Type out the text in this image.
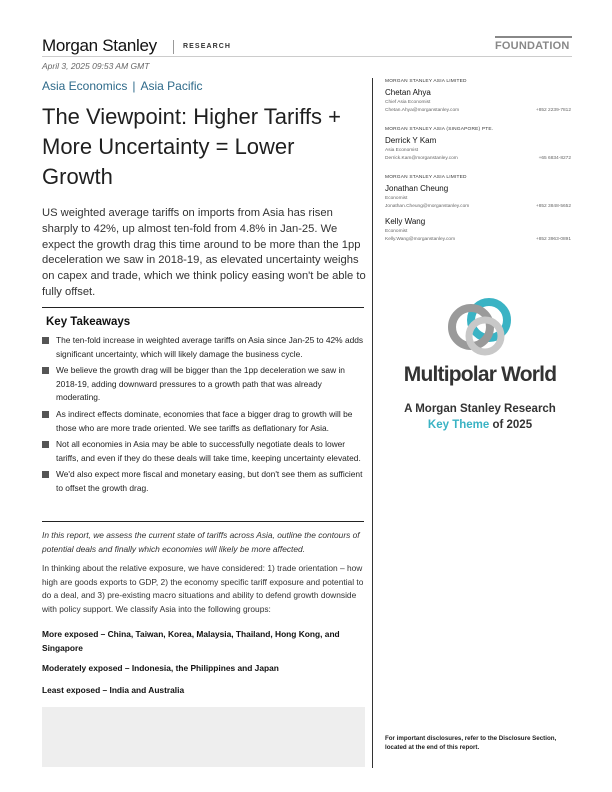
Morgan Stanley	RESEARCH	FOUNDATION
April 3, 2025 09:53 AM GMT
Asia Economics | Asia Pacific
The Viewpoint: Higher Tariffs + More Uncertainty = Lower Growth
US weighted average tariffs on imports from Asia has risen sharply to 42%, up almost ten-fold from 4.8% in Jan-25. We expect the growth drag this time around to be more than the 1pp deceleration we saw in 2018-19, as elevated uncertainty weighs on capex and trade, which we think policy easing won't be able to fully offset.
Key Takeaways
The ten-fold increase in weighted average tariffs on Asia since Jan-25 to 42% adds significant uncertainty, which will likely damage the business cycle.
We believe the growth drag will be bigger than the 1pp deceleration we saw in 2018-19, adding downward pressures to a growth path that was already moderating.
As indirect effects dominate, economies that face a bigger drag to growth will be those who are more trade oriented. We see tariffs as deflationary for Asia.
Not all economies in Asia may be able to successfully negotiate deals to lower tariffs, and even if they do these deals will take time, keeping uncertainty elevated.
We'd also expect more fiscal and monetary easing, but don't see them as sufficient to offset the growth drag.
In this report, we assess the current state of tariffs across Asia, outline the contours of potential deals and finally which economies will likely be more affected.
In thinking about the relative exposure, we have considered: 1) trade orientation – how high are goods exports to GDP, 2) the economy specific tariff exposure and potential to do a deal, and 3) pre-existing macro situations and ability to defend growth downside with policy support. We classify Asia into the following groups:
More exposed – China, Taiwan, Korea, Malaysia, Thailand, Hong Kong, and Singapore
Moderately exposed – Indonesia, the Philippines and Japan
Least exposed – India and Australia
MORGAN STANLEY ASIA LIMITED
Chetan Ahya
Chief Asia Economist
Chetan.Ahya@morganstanley.com	+852 2239-7812
MORGAN STANLEY ASIA (SINGAPORE) PTE.
Derrick Y Kam
Asia Economist
Derrick.Kam@morganstanley.com	+65 6834-8272
MORGAN STANLEY ASIA LIMITED
Jonathan Cheung
Economist
Jonathan.Cheung@morganstanley.com	+852 3848-5652
Kelly Wang
Economist
Kelly.Wang@morganstanley.com	+852 3963-0891
Multipolar World
A Morgan Stanley Research
Key Theme of 2025
For important disclosures, refer to the Disclosure Section, located at the end of this report.
